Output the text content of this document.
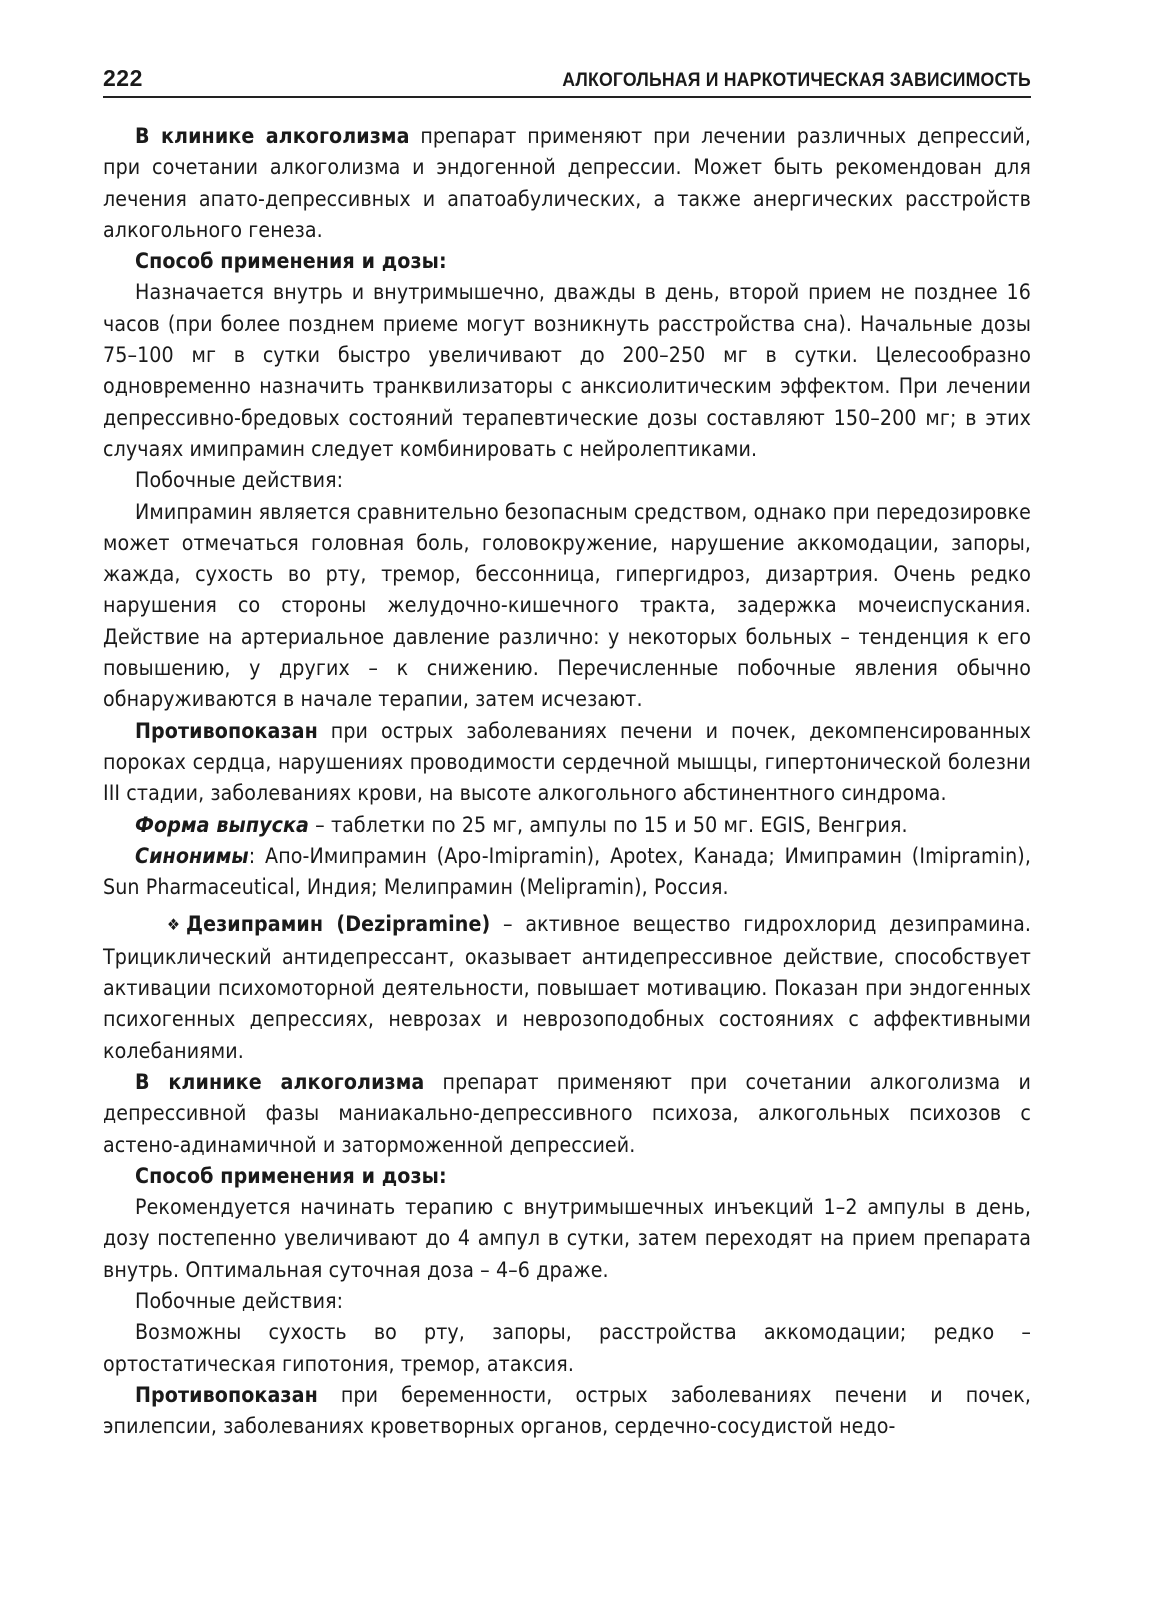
222	АЛКОГОЛЬНАЯ И НАРКОТИЧЕСКАЯ ЗАВИСИМОСТЬ

В клинике алкоголизма препарат применяют при лечении различных депрессий, при сочетании алкоголизма и эндогенной депрессии. Может быть рекомендован для лечения апато-депрессивных и апатоабулических, а также анергических расстройств алкогольного генеза.

Способ применения и дозы:

Назначается внутрь и внутримышечно, дважды в день, второй прием не позднее 16 часов (при более позднем приеме могут возникнуть расстройства сна). Начальные дозы 75–100 мг в сутки быстро увеличивают до 200–250 мг в сутки. Целесообразно одновременно назначить транквилизаторы с анксиолитическим эффектом. При лечении депрессивно-бредовых состояний терапевтические дозы составляют 150–200 мг; в этих случаях имипрамин следует комбинировать с нейролептиками.

Побочные действия:

Имипрамин является сравнительно безопасным средством, однако при передозировке может отмечаться головная боль, головокружение, нарушение аккомодации, запоры, жажда, сухость во рту, тремор, бессонница, гипергидроз, дизартрия. Очень редко нарушения со стороны желудочно-кишечного тракта, задержка мочеиспускания. Действие на артериальное давление различно: у некоторых больных – тенденция к его повышению, у других – к снижению. Перечисленные побочные явления обычно обнаруживаются в начале терапии, затем исчезают.

Противопоказан при острых заболеваниях печени и почек, декомпенсированных пороках сердца, нарушениях проводимости сердечной мышцы, гипертонической болезни III стадии, заболеваниях крови, на высоте алкогольного абстинентного синдрома.

Форма выпуска – таблетки по 25 мг, ампулы по 15 и 50 мг. EGIS, Венгрия.

Синонимы: Апо-Имипрамин (Apo-Imipramin), Apotex, Канада; Имипрамин (Imipramin), Sun Pharmaceutical, Индия; Мелипрамин (Melipramin), Россия.

❖ Дезипрамин (Dezipramine) – активное вещество гидрохлорид дезипрамина. Трициклический антидепрессант, оказывает антидепрессивное действие, способствует активации психомоторной деятельности, повышает мотивацию. Показан при эндогенных психогенных депрессиях, неврозах и неврозоподобных состояниях с аффективными колебаниями.

В клинике алкоголизма препарат применяют при сочетании алкоголизма и депрессивной фазы маниакально-депрессивного психоза, алкогольных психозов с астено-адинамичной и заторможенной депрессией.

Способ применения и дозы:

Рекомендуется начинать терапию с внутримышечных инъекций 1–2 ампулы в день, дозу постепенно увеличивают до 4 ампул в сутки, затем переходят на прием препарата внутрь. Оптимальная суточная доза – 4–6 драже.

Побочные действия:

Возможны сухость во рту, запоры, расстройства аккомодации; редко – ортостатическая гипотония, тремор, атаксия.

Противопоказан при беременности, острых заболеваниях печени и почек, эпилепсии, заболеваниях кроветворных органов, сердечно-сосудистой недо-
